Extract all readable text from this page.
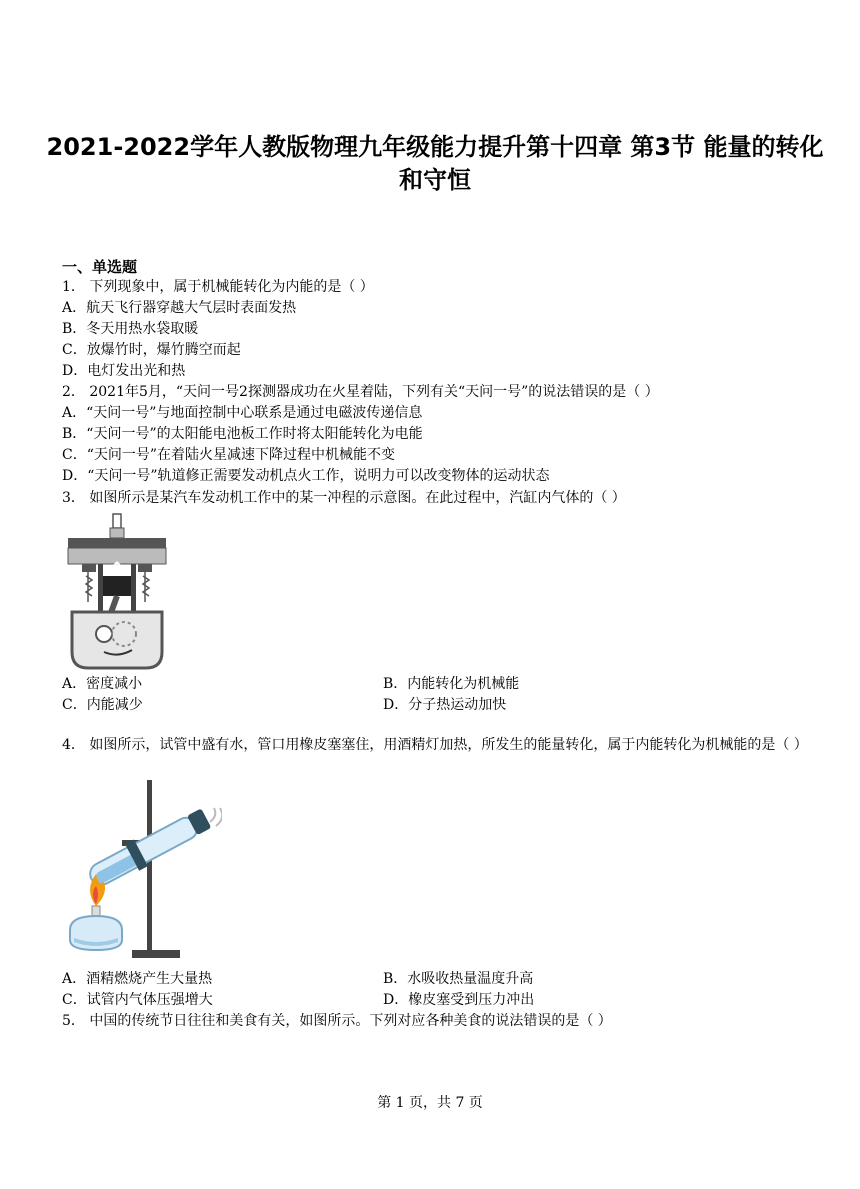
2021-2022学年人教版物理九年级能力提升第十四章 第3节 能量的转化和守恒
一、单选题
1． 下列现象中，属于机械能转化为内能的是（ ）
A．航天飞行器穿越大气层时表面发热
B．冬天用热水袋取暖
C．放爆竹时，爆竹腾空而起
D．电灯发出光和热
2． 2021年5月，“天问一号2探测器成功在火星着陆，下列有关“天问一号”的说法错误的是（ ）
A．“天问一号”与地面控制中心联系是通过电磁波传递信息
B．“天问一号”的太阳能电池板工作时将太阳能转化为电能
C．“天问一号”在着陆火星减速下降过程中机械能不变
D．“天问一号”轨道修正需要发动机点火工作，说明力可以改变物体的运动状态
3． 如图所示是某汽车发动机工作中的某一冲程的示意图。在此过程中，汽缸内气体的（ ）
A．密度减小	B．内能转化为机械能
C．内能减少	D．分子热运动加快
4． 如图所示，试管中盛有水，管口用橡皮塞塞住，用酒精灯加热，所发生的能量转化，属于内能转化为机械能的是（ ）
A．酒精燃烧产生大量热	B．水吸收热量温度升高
C．试管内气体压强增大	D．橡皮塞受到压力冲出
5． 中国的传统节日往往和美食有关，如图所示。下列对应各种美食的说法错误的是（ ）
第 1 页，共 7 页
